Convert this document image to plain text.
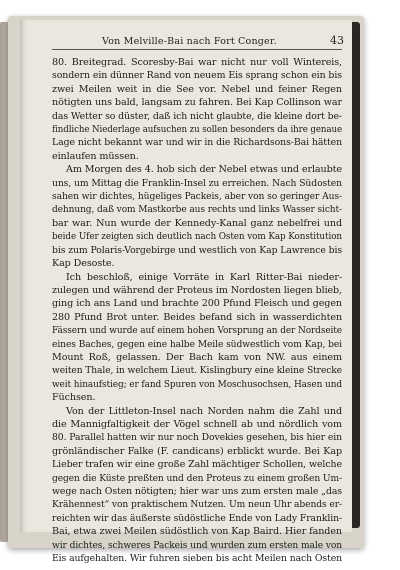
Von Melville-Bai nach Fort Conger.	43

80. Breitegrad. Scoresby-Bai war nicht nur voll Wintereis,
sondern ein dünner Rand von neuem Eis sprang schon ein bis
zwei Meilen weit in die See vor. Nebel und feiner Regen
nötigten uns bald, langsam zu fahren. Bei Kap Collinson war
das Wetter so düster, daß ich nicht glaubte, die kleine dort be-
findliche Niederlage aufsuchen zu sollen besonders da ihre genaue
Lage nicht bekannt war und wir in die Richardsons-Bai hätten
einlaufen müssen.

Am Morgen des 4. hob sich der Nebel etwas und erlaubte
uns, um Mittag die Franklin-Insel zu erreichen. Nach Südosten
sahen wir dichtes, hügeliges Packeis, aber von so geringer Aus-
dehnung, daß vom Mastkorbe aus rechts und links Wasser sicht-
bar war. Nun wurde der Kennedy-Kanal ganz nebelfrei und
beide Ufer zeigten sich deutlich nach Osten vom Kap Konstitution
bis zum Polaris-Vorgebirge und westlich von Kap Lawrence bis
Kap Desoste.

Ich beschloß, einige Vorräte in Karl Ritter-Bai nieder-
zulegen und während der Proteus im Nordosten liegen blieb,
ging ich ans Land und brachte 200 Pfund Fleisch und gegen
280 Pfund Brot unter. Beides befand sich in wasserdichten
Fässern und wurde auf einem hohen Vorsprung an der Nordseite
eines Baches, gegen eine halbe Meile südwestlich vom Kap, bei
Mount Roß, gelassen. Der Bach kam von NW. aus einem
weiten Thale, in welchem Lieut. Kislingbury eine kleine Strecke
weit hinaufstieg; er fand Spuren von Moschusochsen, Hasen und
Füchsen.

Von der Littleton-Insel nach Norden nahm die Zahl und
die Mannigfaltigkeit der Vögel schnell ab und nördlich vom
80. Parallel hatten wir nur noch Dovekies gesehen, bis hier ein
grönländischer Falke (F. candicans) erblickt wurde. Bei Kap
Lieber trafen wir eine große Zahl mächtiger Schollen, welche
gegen die Küste preßten und den Proteus zu einem großen Um-
wege nach Osten nötigten; hier war uns zum ersten male „das
Krähennest“ von praktischem Nutzen. Um neun Uhr abends er-
reichten wir das äußerste südöstliche Ende von Lady Franklin-
Bai, etwa zwei Meilen südöstlich von Kap Baird. Hier fanden
wir dichtes, schweres Packeis und wurden zum ersten male von
Eis aufgehalten. Wir fuhren sieben bis acht Meilen nach Osten
